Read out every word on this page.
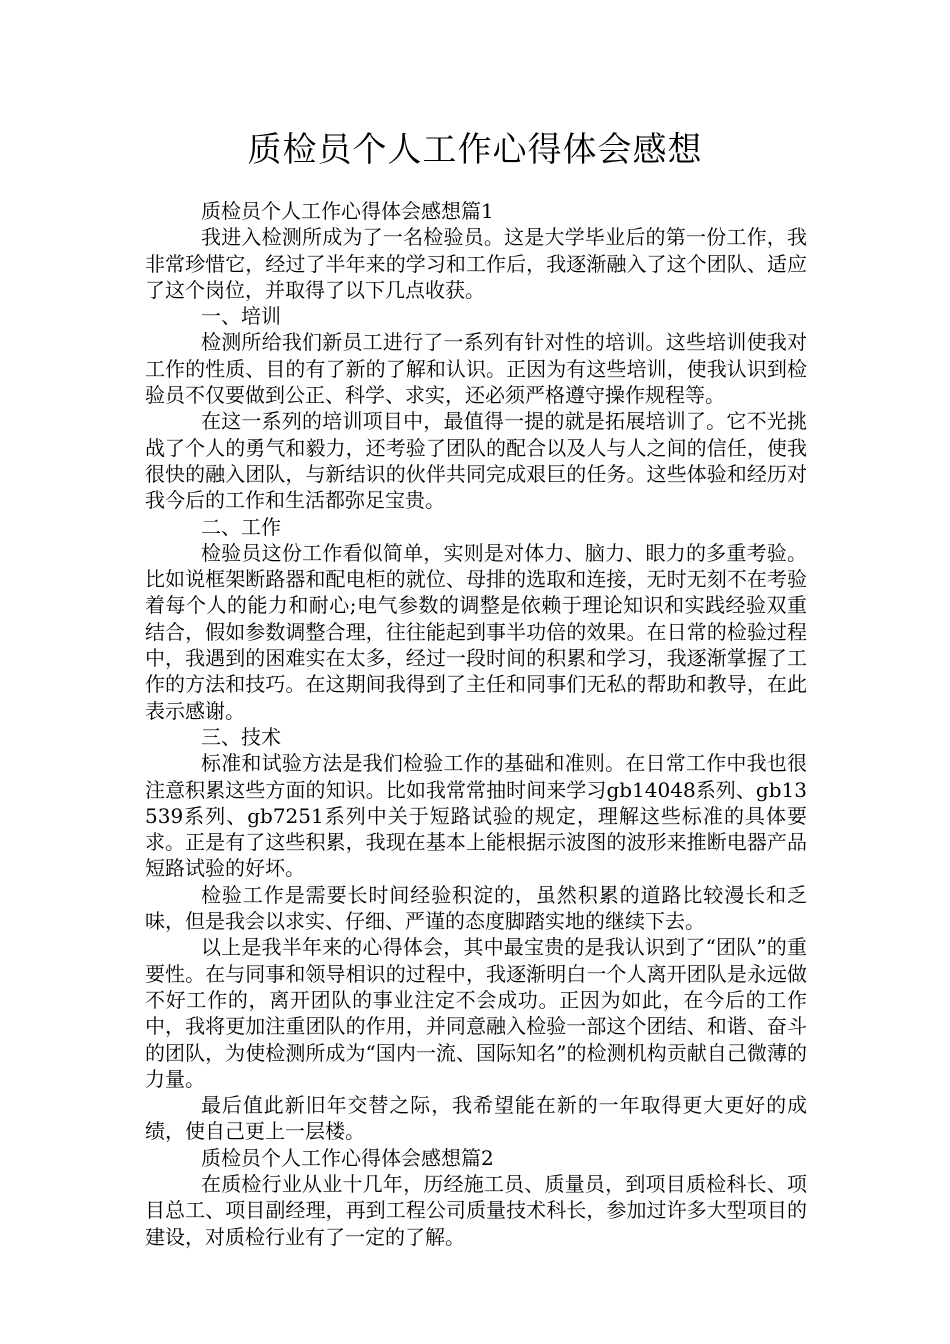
质检员个人工作心得体会感想

质检员个人工作心得体会感想篇1

我进入检测所成为了一名检验员。这是大学毕业后的第一份工作，我非常珍惜它，经过了半年来的学习和工作后，我逐渐融入了这个团队、适应了这个岗位，并取得了以下几点收获。

一、培训

检测所给我们新员工进行了一系列有针对性的培训。这些培训使我对工作的性质、目的有了新的了解和认识。正因为有这些培训，使我认识到检验员不仅要做到公正、科学、求实，还必须严格遵守操作规程等。

在这一系列的培训项目中，最值得一提的就是拓展培训了。它不光挑战了个人的勇气和毅力，还考验了团队的配合以及人与人之间的信任，使我很快的融入团队，与新结识的伙伴共同完成艰巨的任务。这些体验和经历对我今后的工作和生活都弥足宝贵。

二、工作

检验员这份工作看似简单，实则是对体力、脑力、眼力的多重考验。比如说框架断路器和配电柜的就位、母排的选取和连接，无时无刻不在考验着每个人的能力和耐心;电气参数的调整是依赖于理论知识和实践经验双重结合，假如参数调整合理，往往能起到事半功倍的效果。在日常的检验过程中，我遇到的困难实在太多，经过一段时间的积累和学习，我逐渐掌握了工作的方法和技巧。在这期间我得到了主任和同事们无私的帮助和教导，在此表示感谢。

三、技术

标准和试验方法是我们检验工作的基础和准则。在日常工作中我也很注意积累这些方面的知识。比如我常常抽时间来学习gb14048系列、gb13539系列、gb7251系列中关于短路试验的规定，理解这些标准的具体要求。正是有了这些积累，我现在基本上能根据示波图的波形来推断电器产品短路试验的好坏。

检验工作是需要长时间经验积淀的，虽然积累的道路比较漫长和乏味，但是我会以求实、仔细、严谨的态度脚踏实地的继续下去。

以上是我半年来的心得体会，其中最宝贵的是我认识到了“团队”的重要性。在与同事和领导相识的过程中，我逐渐明白一个人离开团队是永远做不好工作的，离开团队的事业注定不会成功。正因为如此，在今后的工作中，我将更加注重团队的作用，并同意融入检验一部这个团结、和谐、奋斗的团队，为使检测所成为“国内一流、国际知名”的检测机构贡献自己微薄的力量。

最后值此新旧年交替之际，我希望能在新的一年取得更大更好的成绩，使自己更上一层楼。

质检员个人工作心得体会感想篇2

在质检行业从业十几年，历经施工员、质量员，到项目质检科长、项目总工、项目副经理，再到工程公司质量技术科长，参加过许多大型项目的建设，对质检行业有了一定的了解。
